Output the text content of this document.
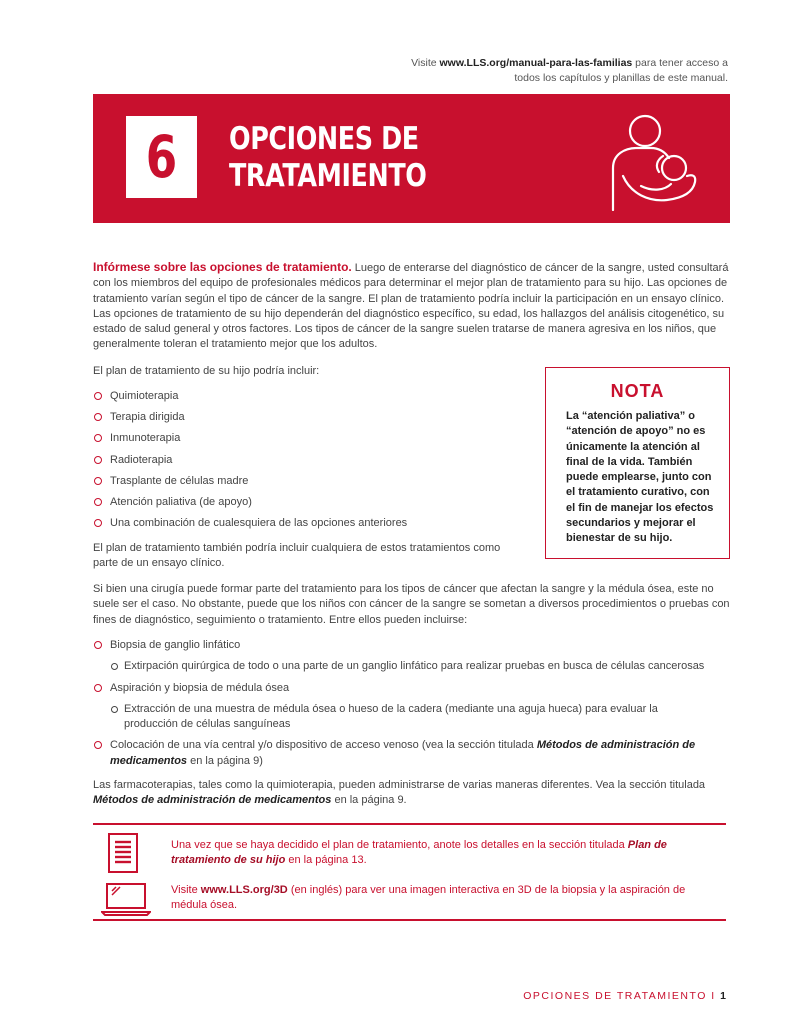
Visite www.LLS.org/manual-para-las-familias para tener acceso a todos los capítulos y planillas de este manual.
6	OPCIONES DE
TRATAMIENTO
Infórmese sobre las opciones de tratamiento. Luego de enterarse del diagnóstico de cáncer de la sangre, usted consultará con los miembros del equipo de profesionales médicos para determinar el mejor plan de tratamiento para su hijo. Las opciones de tratamiento varían según el tipo de cáncer de la sangre. El plan de tratamiento podría incluir la participación en un ensayo clínico. Las opciones de tratamiento de su hijo dependerán del diagnóstico específico, su edad, los hallazgos del análisis citogenético, su estado de salud general y otros factores. Los tipos de cáncer de la sangre suelen tratarse de manera agresiva en los niños, que generalmente toleran el tratamiento mejor que los adultos.
El plan de tratamiento de su hijo podría incluir:
Quimioterapia
Terapia dirigida
Inmunoterapia
Radioterapia
Trasplante de células madre
Atención paliativa (de apoyo)
Una combinación de cualesquiera de las opciones anteriores
El plan de tratamiento también podría incluir cualquiera de estos tratamientos como parte de un ensayo clínico.
NOTA
La “atención paliativa” o “atención de apoyo” no es únicamente la atención al final de la vida. También puede emplearse, junto con el tratamiento curativo, con el fin de manejar los efectos secundarios y mejorar el bienestar de su hijo.
Si bien una cirugía puede formar parte del tratamiento para los tipos de cáncer que afectan la sangre y la médula ósea, este no suele ser el caso. No obstante, puede que los niños con cáncer de la sangre se sometan a diversos procedimientos o pruebas con fines de diagnóstico, seguimiento o tratamiento. Entre ellos pueden incluirse:
Biopsia de ganglio linfático
Extirpación quirúrgica de todo o una parte de un ganglio linfático para realizar pruebas en busca de células cancerosas
Aspiración y biopsia de médula ósea
Extracción de una muestra de médula ósea o hueso de la cadera (mediante una aguja hueca) para evaluar la producción de células sanguíneas
Colocación de una vía central y/o dispositivo de acceso venoso (vea la sección titulada Métodos de administración de medicamentos en la página 9)
Las farmacoterapias, tales como la quimioterapia, pueden administrarse de varias maneras diferentes. Vea la sección titulada Métodos de administración de medicamentos en la página 9.
Una vez que se haya decidido el plan de tratamiento, anote los detalles en la sección titulada Plan de tratamiento de su hijo en la página 13.
Visite www.LLS.org/3D (en inglés) para ver una imagen interactiva en 3D de la biopsia y la aspiración de médula ósea.
OPCIONES DE TRATAMIENTO I 1
